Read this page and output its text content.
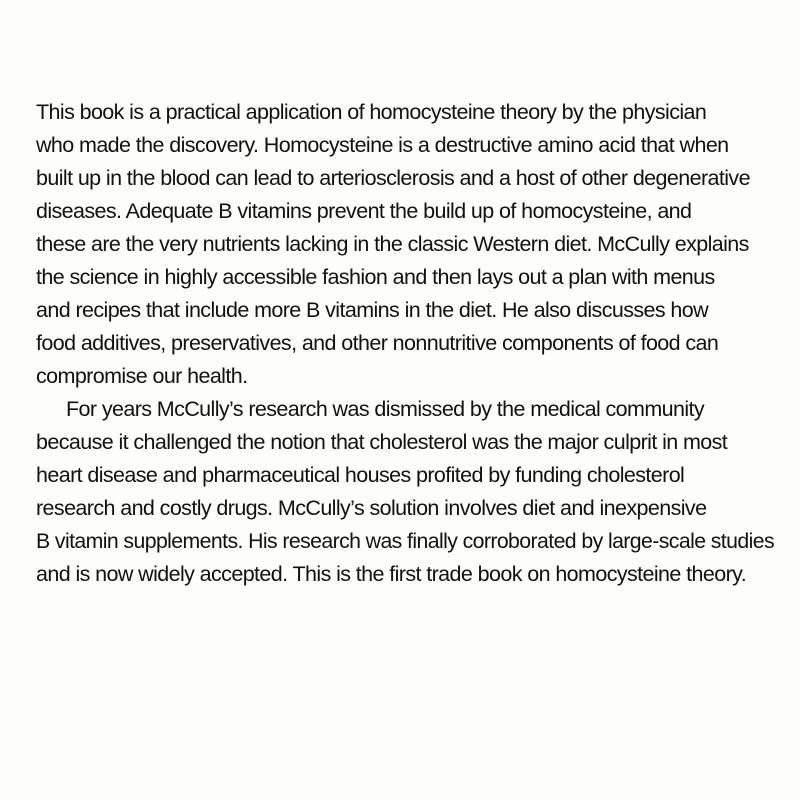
This book is a practical application of homocysteine theory by the physician
who made the discovery. Homocysteine is a destructive amino acid that when
built up in the blood can lead to arteriosclerosis and a host of other degenerative
diseases. Adequate B vitamins prevent the build up of homocysteine, and
these are the very nutrients lacking in the classic Western diet. McCully explains
the science in highly accessible fashion and then lays out a plan with menus
and recipes that include more B vitamins in the diet. He also discusses how
food additives, preservatives, and other nonnutritive components of food can
compromise our health.
For years McCully’s research was dismissed by the medical community
because it challenged the notion that cholesterol was the major culprit in most
heart disease and pharmaceutical houses profited by funding cholesterol
research and costly drugs. McCully’s solution involves diet and inexpensive
B vitamin supplements. His research was finally corroborated by large-scale studies
and is now widely accepted. This is the first trade book on homocysteine theory.
